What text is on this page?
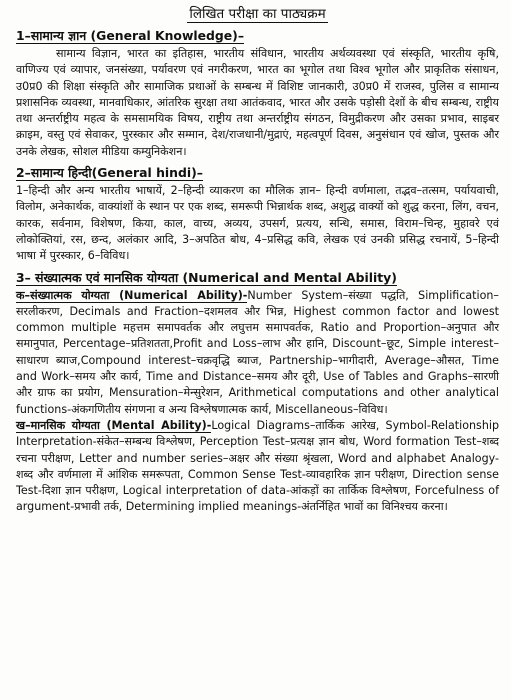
लिखित परीक्षा का पाठ्यक्रम
1–सामान्य ज्ञान (General Knowledge)–

सामान्य विज्ञान, भारत का इतिहास, भारतीय संविधान, भारतीय अर्थव्यवस्था एवं संस्कृति, भारतीय कृषि, वाणिज्य एवं व्यापार, जनसंख्या, पर्यावरण एवं नगरीकरण, भारत का भूगोल तथा विश्व भूगोल और प्राकृतिक संसाधन, उ0प्र0 की शिक्षा संस्कृति और सामाजिक प्रथाओं के सम्बन्ध में विशिष्ट जानकारी, उ0प्र0 में राजस्व, पुलिस व सामान्य प्रशासनिक व्यवस्था, मानवाधिकार, आंतरिक सुरक्षा तथा आतंकवाद, भारत और उसके पड़ोसी देशों के बीच सम्बन्ध, राष्ट्रीय तथा अन्तर्राष्ट्रीय महत्व के समसामयिक विषय, राष्ट्रीय तथा अन्तर्राष्ट्रीय संगठन, विमुद्रीकरण और उसका प्रभाव, साइबर क्राइम, वस्तु एवं सेवाकर, पुरस्कार और सम्मान, देश/राजधानी/मुद्राएं, महत्वपूर्ण दिवस, अनुसंधान एवं खोज, पुस्तक और उनके लेखक, सोशल मीडिया कम्युनिकेशन।

2–सामान्य हिन्दी(General hindi)–

1–हिन्दी और अन्य भारतीय भाषायें, 2–हिन्दी व्याकरण का मौलिक ज्ञान– हिन्दी वर्णमाला, तद्भव–तत्सम, पर्यायवाची, विलोम, अनेकार्थक, वाक्यांशों के स्थान पर एक शब्द, समरूपी भिन्नार्थक शब्द, अशुद्ध वाक्यों को शुद्ध करना, लिंग, वचन, कारक, सर्वनाम, विशेषण, किया, काल, वाच्य, अव्यय, उपसर्ग, प्रत्यय, सन्धि, समास, विराम–चिन्ह, मुहावरे एवं लोकोक्तियां, रस, छन्द, अलंकार आदि, 3–अपठित बोध, 4–प्रसिद्ध कवि, लेखक एवं उनकी प्रसिद्ध रचनायें, 5–हिन्दी भाषा में पुरस्कार, 6–विविध।

3– संख्यात्मक एवं मानसिक योग्यता (Numerical and Mental Ability)

क–संख्यात्मक योग्यता (Numerical Ability)-Number System–संख्या पद्धति, Simplification–सरलीकरण, Decimals and Fraction–दशमलव और भिन्न, Highest common factor and lowest common multiple महत्तम समापवर्तक और लघुत्तम समापवर्तक, Ratio and Proportion–अनुपात और समानुपात, Percentage–प्रतिशतता,Profit and Loss–लाभ और हानि, Discount–छूट, Simple interest–साधारण ब्याज,Compound interest–चक्रवृद्धि ब्याज, Partnership–भागीदारी, Average–औसत, Time and Work–समय और कार्य, Time and Distance–समय और दूरी, Use of Tables and Graphs–सारणी और ग्राफ का प्रयोग, Mensuration–मेन्सुरेशन, Arithmetical computations and other analytical functions-अंकगणितीय संगणना व अन्य विश्लेषणात्मक कार्य, Miscellaneous–विविध।

ख–मानसिक योग्यता (Mental Ability)-Logical Diagrams–तार्किक आरेख, Symbol-Relationship Interpretation-संकेत–सम्बन्ध विश्लेषण, Perception Test–प्रत्यक्ष ज्ञान बोध, Word formation Test–शब्द रचना परीक्षण, Letter and number series–अक्षर और संख्या श्रृंखला, Word and alphabet Analogy-शब्द और वर्णमाला में आंशिक समरूपता, Common Sense Test-व्यावहारिक ज्ञान परीक्षण, Direction sense Test-दिशा ज्ञान परीक्षण, Logical interpretation of data-आंकड़ों का तार्किक विश्लेषण, Forcefulness of argument-प्रभावी तर्क, Determining implied meanings-अंतर्निहित भावों का विनिश्चय करना।
